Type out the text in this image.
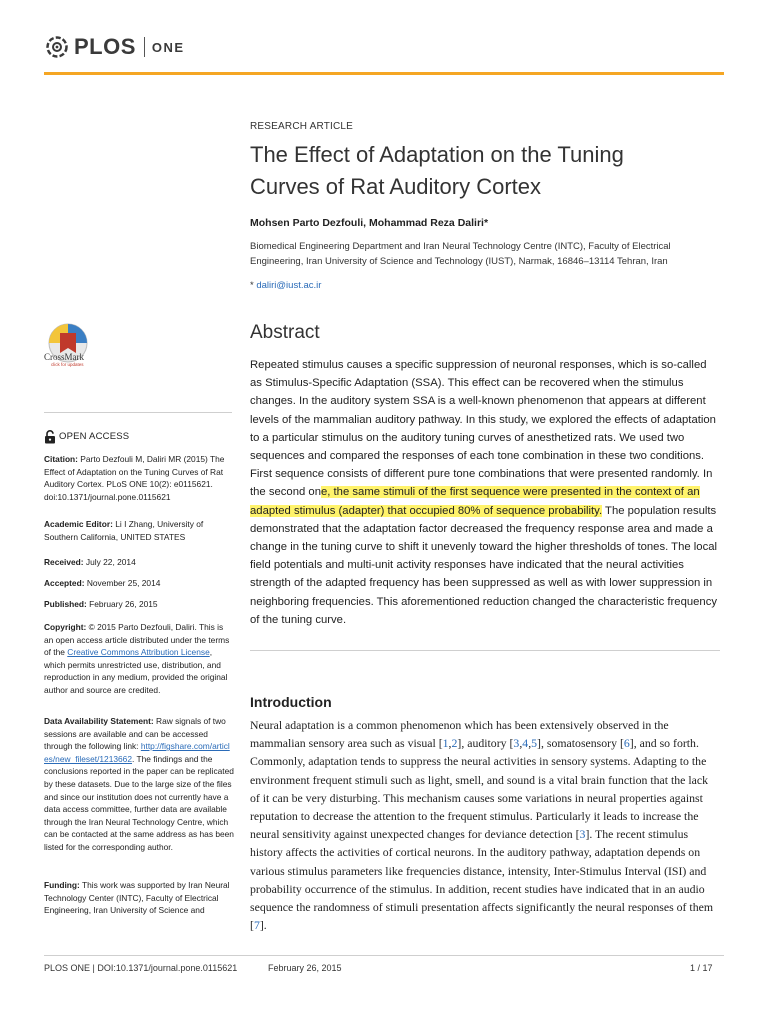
PLOS ONE
RESEARCH ARTICLE
The Effect of Adaptation on the Tuning
Curves of Rat Auditory Cortex
Mohsen Parto Dezfouli, Mohammad Reza Daliri*
Biomedical Engineering Department and Iran Neural Technology Centre (INTC), Faculty of Electrical Engineering, Iran University of Science and Technology (IUST), Narmak, 16846–13114 Tehran, Iran
* daliri@iust.ac.ir
Abstract

Repeated stimulus causes a specific suppression of neuronal responses, which is so-called as Stimulus-Specific Adaptation (SSA). This effect can be recovered when the stimulus changes. In the auditory system SSA is a well-known phenomenon that appears at different levels of the mammalian auditory pathway. In this study, we explored the effects of adaptation to a particular stimulus on the auditory tuning curves of anesthetized rats. We used two sequences and compared the responses of each tone combination in these two conditions. First sequence consists of different pure tone combinations that were presented randomly. In the second one, the same stimuli of the first sequence were presented in the context of an adapted stimulus (adapter) that occupied 80% of sequence probability. The population results demonstrated that the adaptation factor decreased the frequency response area and made a change in the tuning curve to shift it unevenly toward the higher thresholds of tones. The local field potentials and multi-unit activity responses have indicated that the neural activities strength of the adapted frequency has been suppressed as well as with lower suppression in neighboring frequencies. This aforementioned reduction changed the characteristic frequency of the tuning curve.

Introduction

Neural adaptation is a common phenomenon which has been extensively observed in the mammalian sensory area such as visual [1,2], auditory [3,4,5], somatosensory [6], and so forth. Commonly, adaptation tends to suppress the neural activities in sensory systems. Adapting to the environment frequent stimuli such as light, smell, and sound is a vital brain function that the lack of it can be very disturbing. This mechanism causes some variations in neural properties against reputation to decrease the attention to the frequent stimulus. Particularly it leads to increase the neural sensitivity against unexpected changes for deviance detection [3]. The recent stimulus history affects the activities of cortical neurons. In the auditory pathway, adaptation depends on various stimulus parameters like frequencies distance, intensity, Inter-Stimulus Interval (ISI) and probability occurrence of the stimulus. In addition, recent studies have indicated that in an audio sequence the randomness of stimuli presentation affects significantly the neural responses of them [7].

CrossMark
click for updates
OPEN ACCESS
Citation: Parto Dezfouli M, Daliri MR (2015) The Effect of Adaptation on the Tuning Curves of Rat Auditory Cortex. PLoS ONE 10(2): e0115621. doi:10.1371/journal.pone.0115621
Academic Editor: Li I Zhang, University of Southern California, UNITED STATES
Received: July 22, 2014
Accepted: November 25, 2014
Published: February 26, 2015
Copyright: © 2015 Parto Dezfouli, Daliri. This is an open access article distributed under the terms of the Creative Commons Attribution License, which permits unrestricted use, distribution, and reproduction in any medium, provided the original author and source are credited.
Data Availability Statement: Raw signals of two sessions are available and can be accessed through the following link: http://figshare.com/articles/new_fileset/1213662. The findings and the conclusions reported in the paper can be replicated by these datasets. Due to the large size of the files and since our institution does not currently have a data access committee, further data are available through the Iran Neural Technology Centre, which can be contacted at the same address as has been listed for the corresponding author.
Funding: This work was supported by Iran Neural Technology Center (INTC), Faculty of Electrical Engineering, Iran University of Science and
PLOS ONE | DOI:10.1371/journal.pone.0115621	February 26, 2015	1 / 17
